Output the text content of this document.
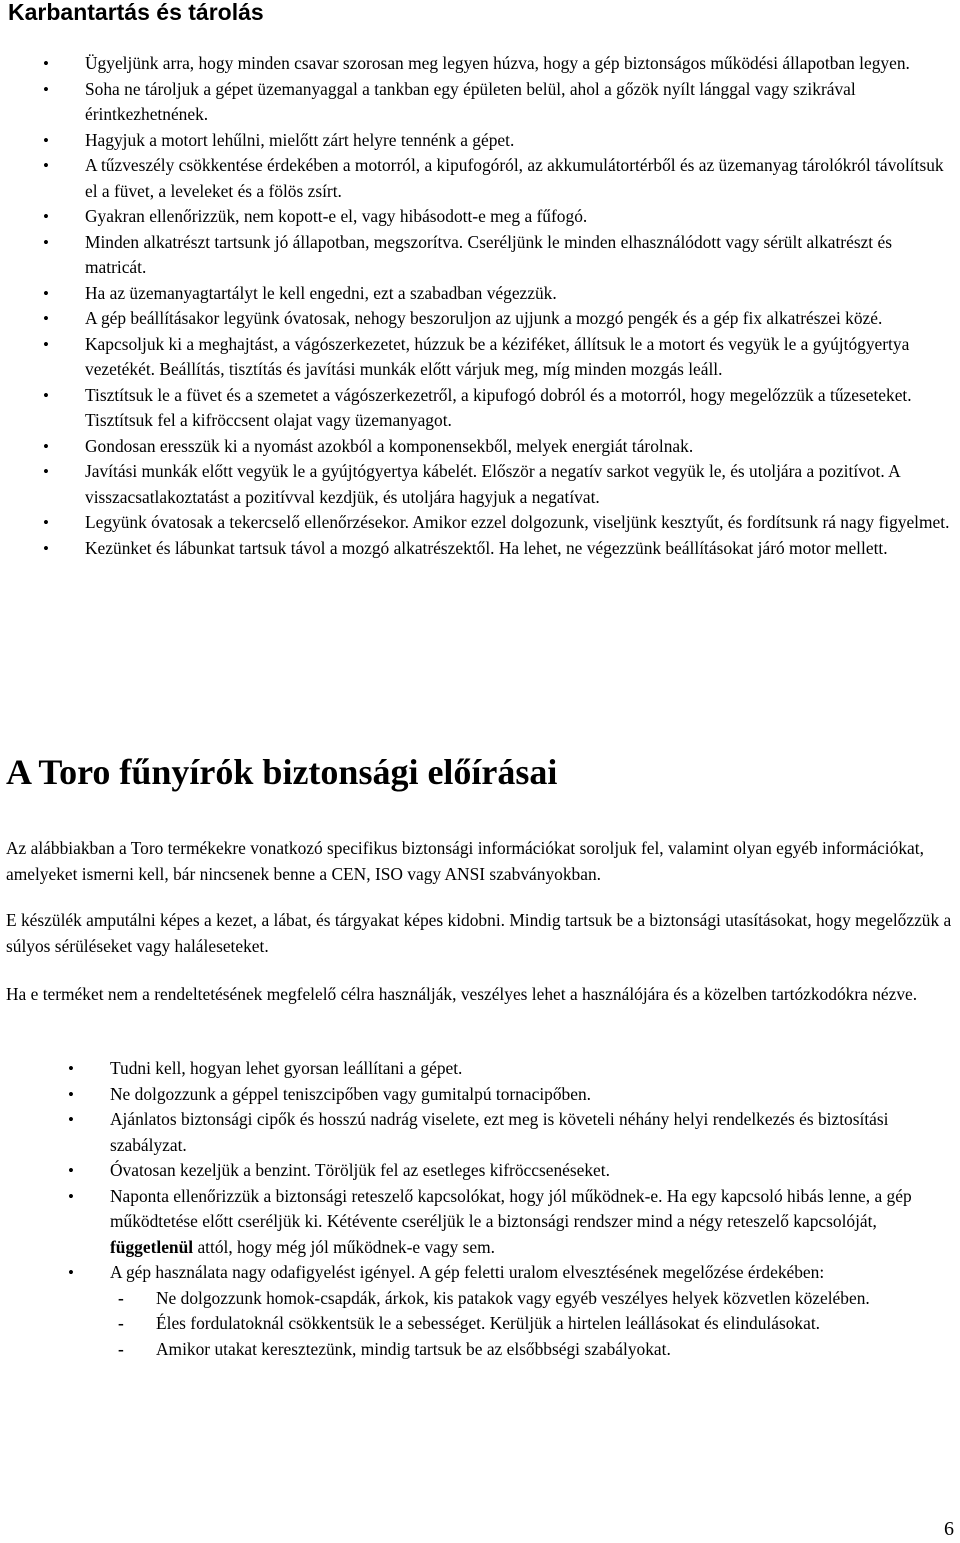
Karbantartás és tárolás
• Ügyeljünk arra, hogy minden csavar szorosan meg legyen húzva, hogy a gép biztonságos működési állapotban legyen.
• Soha ne tároljuk a gépet üzemanyaggal a tankban egy épületen belül, ahol a gőzök nyílt lánggal vagy szikrával érintkezhetnének.
• Hagyjuk a motort lehűlni, mielőtt zárt helyre tennénk a gépet.
• A tűzveszély csökkentése érdekében a motorról, a kipufogóról, az akkumulátortérből és az üzemanyag tárolókról távolítsuk el a füvet, a leveleket és a fölös zsírt.
• Gyakran ellenőrizzük, nem kopott-e el, vagy hibásodott-e meg a fűfogó.
• Minden alkatrészt tartsunk jó állapotban, megszorítva. Cseréljünk le minden elhasználódott vagy sérült alkatrészt és matricát.
• Ha az üzemanyagtartályt le kell engedni, ezt a szabadban végezzük.
• A gép beállításakor legyünk óvatosak, nehogy beszoruljon az ujjunk a mozgó pengék és a gép fix alkatrészei közé.
• Kapcsoljuk ki a meghajtást, a vágószerkezetet, húzzuk be a kéziféket, állítsuk le a motort és vegyük le a gyújtógyertya vezetékét. Beállítás, tisztítás és javítási munkák előtt várjuk meg, míg minden mozgás leáll.
• Tisztítsuk le a füvet és a szemetet a vágószerkezetről, a kipufogó dobról és a motorról, hogy megelőzzük a tűzeseteket. Tisztítsuk fel a kifröccsent olajat vagy üzemanyagot.
• Gondosan eresszük ki a nyomást azokból a komponensekből, melyek energiát tárolnak.
• Javítási munkák előtt vegyük le a gyújtógyertya kábelét. Először a negatív sarkot vegyük le, és utoljára a pozitívot. A visszacsatlakoztatást a pozitívval kezdjük, és utoljára hagyjuk a negatívat.
• Legyünk óvatosak a tekercselő ellenőrzésekor. Amikor ezzel dolgozunk, viseljünk kesztyűt, és fordítsunk rá nagy figyelmet.
• Kezünket és lábunkat tartsuk távol a mozgó alkatrészektől. Ha lehet, ne végezzünk beállításokat járó motor mellett.
A Toro fűnyírók biztonsági előírásai

Az alábbiakban a Toro termékekre vonatkozó specifikus biztonsági információkat soroljuk fel, valamint olyan egyéb információkat, amelyeket ismerni kell, bár nincsenek benne a CEN, ISO vagy ANSI szabványokban.

E készülék amputálni képes a kezet, a lábat, és tárgyakat képes kidobni. Mindig tartsuk be a biztonsági utasításokat, hogy megelőzzük a súlyos sérüléseket vagy haláleseteket.

Ha e terméket nem a rendeltetésének megfelelő célra használják, veszélyes lehet a használójára és a közelben tartózkodókra nézve.

• Tudni kell, hogyan lehet gyorsan leállítani a gépet.
• Ne dolgozzunk a géppel teniszcipőben vagy gumitalpú tornacipőben.
• Ajánlatos biztonsági cipők és hosszú nadrág viselete, ezt meg is követeli néhány helyi rendelkezés és biztosítási szabályzat.
• Óvatosan kezeljük a benzint. Töröljük fel az esetleges kifröccsenéseket.
• Naponta ellenőrizzük a biztonsági reteszelő kapcsolókat, hogy jól működnek-e. Ha egy kapcsoló hibás lenne, a gép működtetése előtt cseréljük ki. Kétévente cseréljük le a biztonsági rendszer mind a négy reteszelő kapcsolóját, függetlenül attól, hogy még jól működnek-e vagy sem.
• A gép használata nagy odafigyelést igényel. A gép feletti uralom elvesztésének megelőzése érdekében:
- Ne dolgozzunk homok-csapdák, árkok, kis patakok vagy egyéb veszélyes helyek közvetlen közelében.
- Éles fordulatoknál csökkentsük le a sebességet. Kerüljük a hirtelen leállásokat és elindulásokat.
- Amikor utakat keresztezünk, mindig tartsuk be az elsőbbségi szabályokat.
6
